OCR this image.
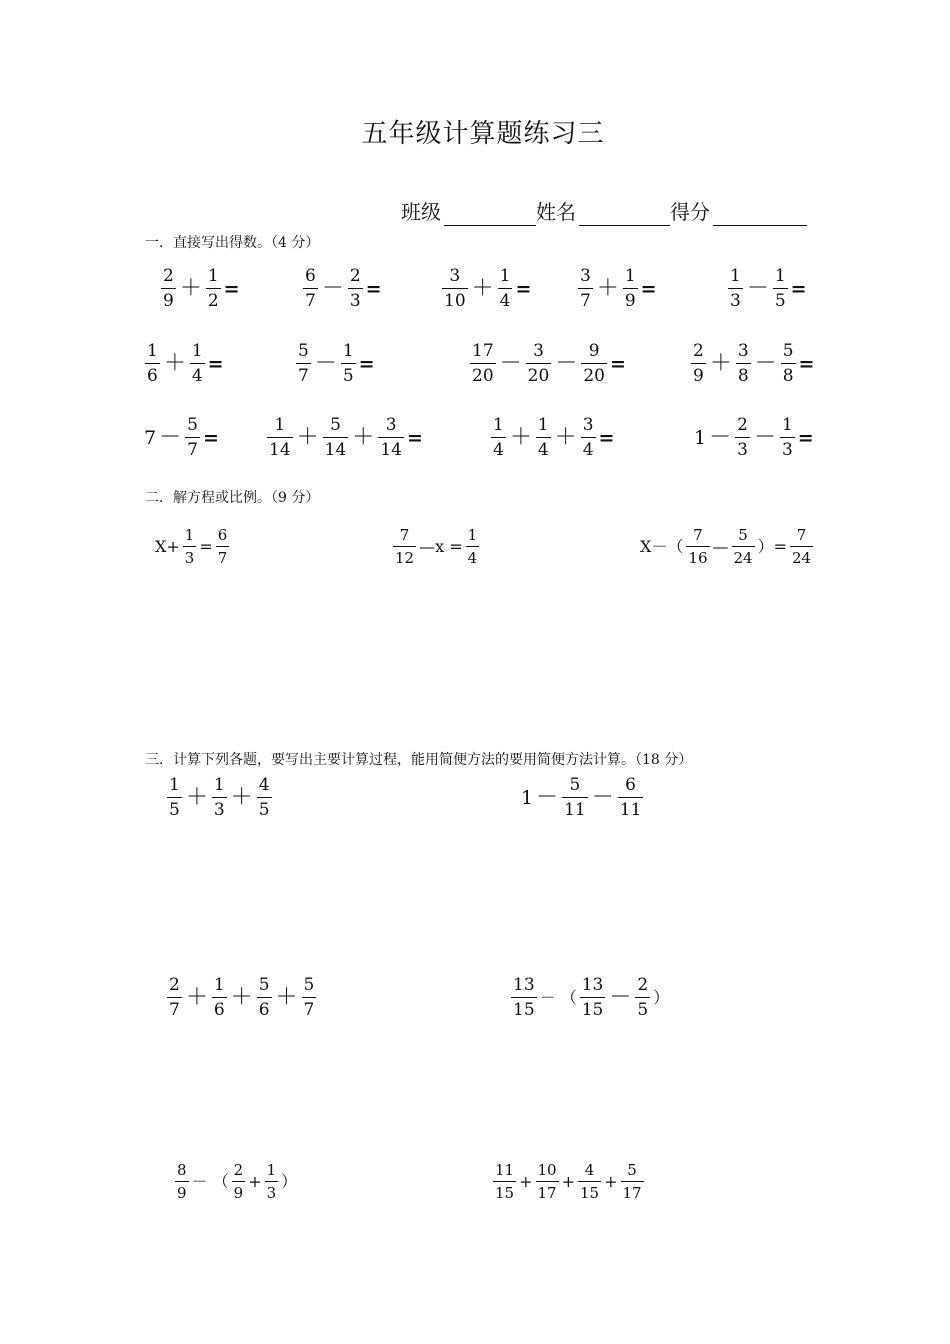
五年级计算题练习三
班级	姓名	得分
一．直接写出得数。（4 分）
二．解方程或比例。（9 分）
三．计算下列各题，要写出主要计算过程，能用简便方法的要用简便方法计算。（18 分）
$\frac{2}{9} + \frac{1}{2}$ =	$\frac{6}{7} - \frac{2}{3}$ =	$\frac{3}{10} + \frac{1}{4}$ =	$\frac{3}{7} + \frac{1}{9}$ =	$\frac{1}{3} - \frac{1}{5}$ =
$\frac{1}{6} + \frac{1}{4}$ =	$\frac{5}{7} - \frac{1}{5}$ =	$\frac{17}{20} - \frac{3}{20} - \frac{9}{20}$ =	$\frac{2}{9} + \frac{3}{8} - \frac{5}{8}$ =
$7 - \frac{5}{7}$ =	$\frac{1}{14} + \frac{5}{14} + \frac{3}{14}$ =	$\frac{1}{4} + \frac{1}{4} + \frac{3}{4}$ =	$1 - \frac{2}{3} - \frac{1}{3}$ =
$X+ \frac{1}{3} = \frac{6}{7}$	$\frac{7}{12}$ —x = $\frac{1}{4}$	$X-( \frac{7}{16}$ — $\frac{5}{24}$ ）= $\frac{7}{24}$
$\frac{1}{5} + \frac{1}{3} + \frac{4}{5}$	$1 - \frac{5}{11} - \frac{6}{11}$
$\frac{2}{7} + \frac{1}{6} + \frac{5}{6} + \frac{5}{7}$	$\frac{13}{15}$ － （ $\frac{13}{15} - \frac{2}{5}$ ）
$\frac{8}{9}$ － （ $\frac{2}{9} + \frac{1}{3}$ ）	$\frac{11}{15} + \frac{10}{17} + \frac{4}{15} + \frac{5}{17}$
